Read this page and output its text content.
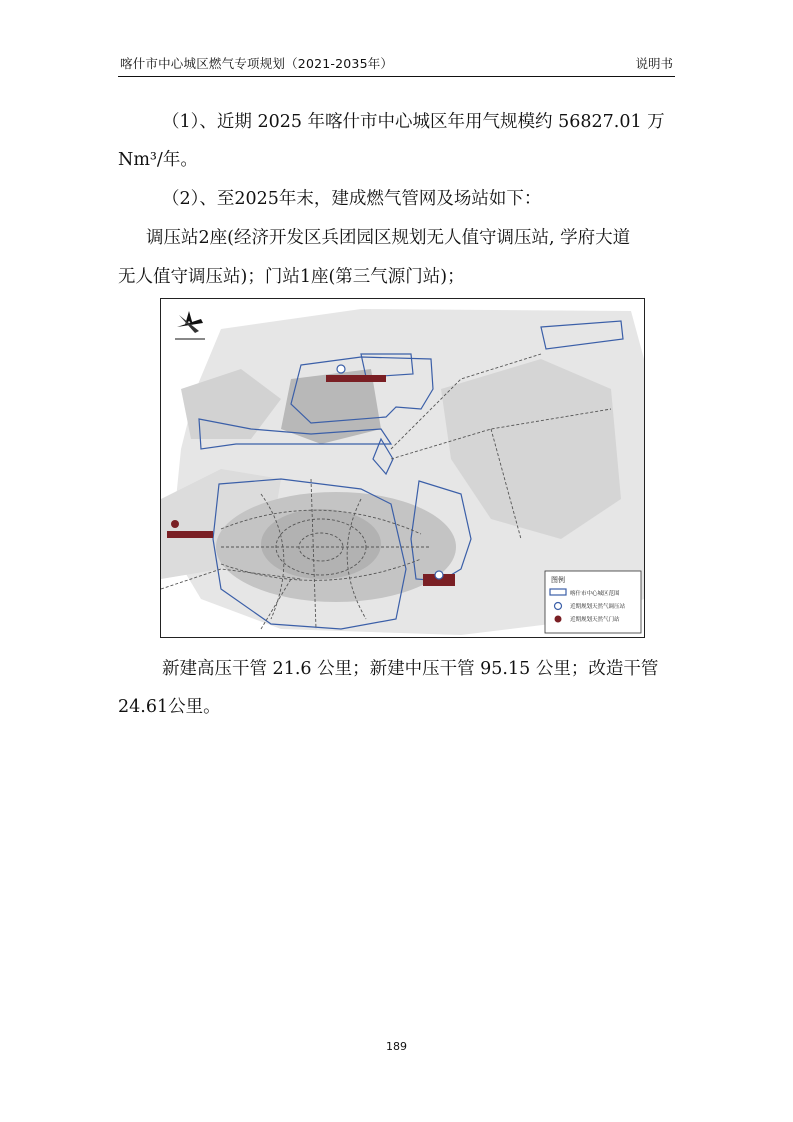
喀什市中心城区燃气专项规划（2021-2035年）	说明书
（1）、近期 2025 年喀什市中心城区年用气规模约 56827.01 万
Nm³/年。
（2）、至2025年末，建成燃气管网及场站如下：
调压站2座(经济开发区兵团园区规划无人值守调压站, 学府大道
无人值守调压站)；门站1座(第三气源门站)；
图例
喀什市中心城区范围
近期规划天然气调压站
近期规划天然气门站
新建高压干管 21.6 公里；新建中压干管 95.15 公里；改造干管
24.61公里。
189
